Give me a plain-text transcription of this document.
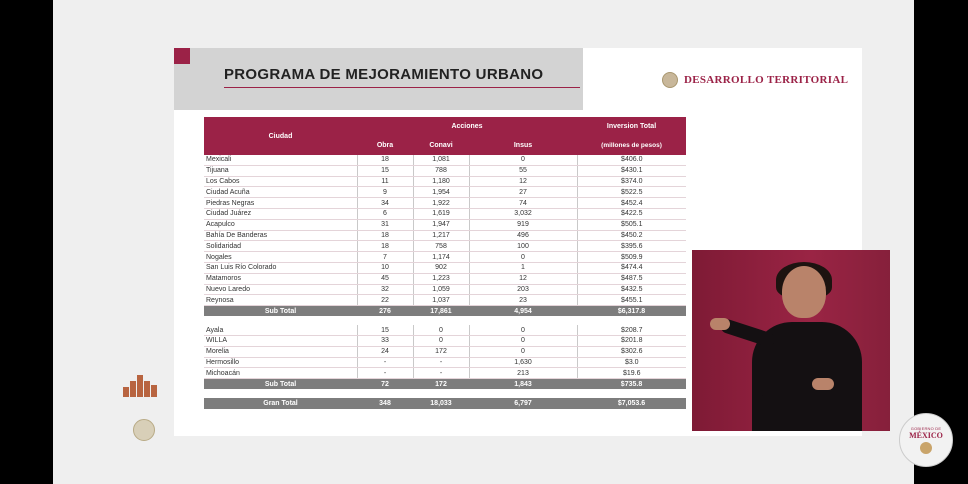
PROGRAMA DE MEJORAMIENTO URBANO	DESARROLLO TERRITORIAL
Ciudad	Acciones			Inversion Total
	Obra	Conavi	Insus	(millones de pesos)
Mexicali	18	1,081	0	$406.0
Tijuana	15	788	55	$430.1
Los Cabos	11	1,180	12	$374.0
Ciudad Acuña	9	1,954	27	$522.5
Piedras Negras	34	1,922	74	$452.4
Ciudad Juárez	6	1,619	3,032	$422.5
Acapulco	31	1,947	919	$505.1
Bahía De Banderas	18	1,217	496	$450.2
Solidaridad	18	758	100	$395.6
Nogales	7	1,174	0	$509.9
San Luis Río Colorado	10	902	1	$474.4
Matamoros	45	1,223	12	$487.5
Nuevo Laredo	32	1,059	203	$432.5
Reynosa	22	1,037	23	$455.1
Sub Total	276	17,861	4,954	$6,317.8

Ayala	15	0	0	$208.7
WILLA	33	0	0	$201.8
Morelia	24	172	0	$302.6
Hermosillo	-	-	1,630	$3.0
Michoacán	-	-	213	$19.6
Sub Total	72	172	1,843	$735.8

Gran Total	348	18,033	6,797	$7,053.6
GOBIERNO DE
MÉXICO
